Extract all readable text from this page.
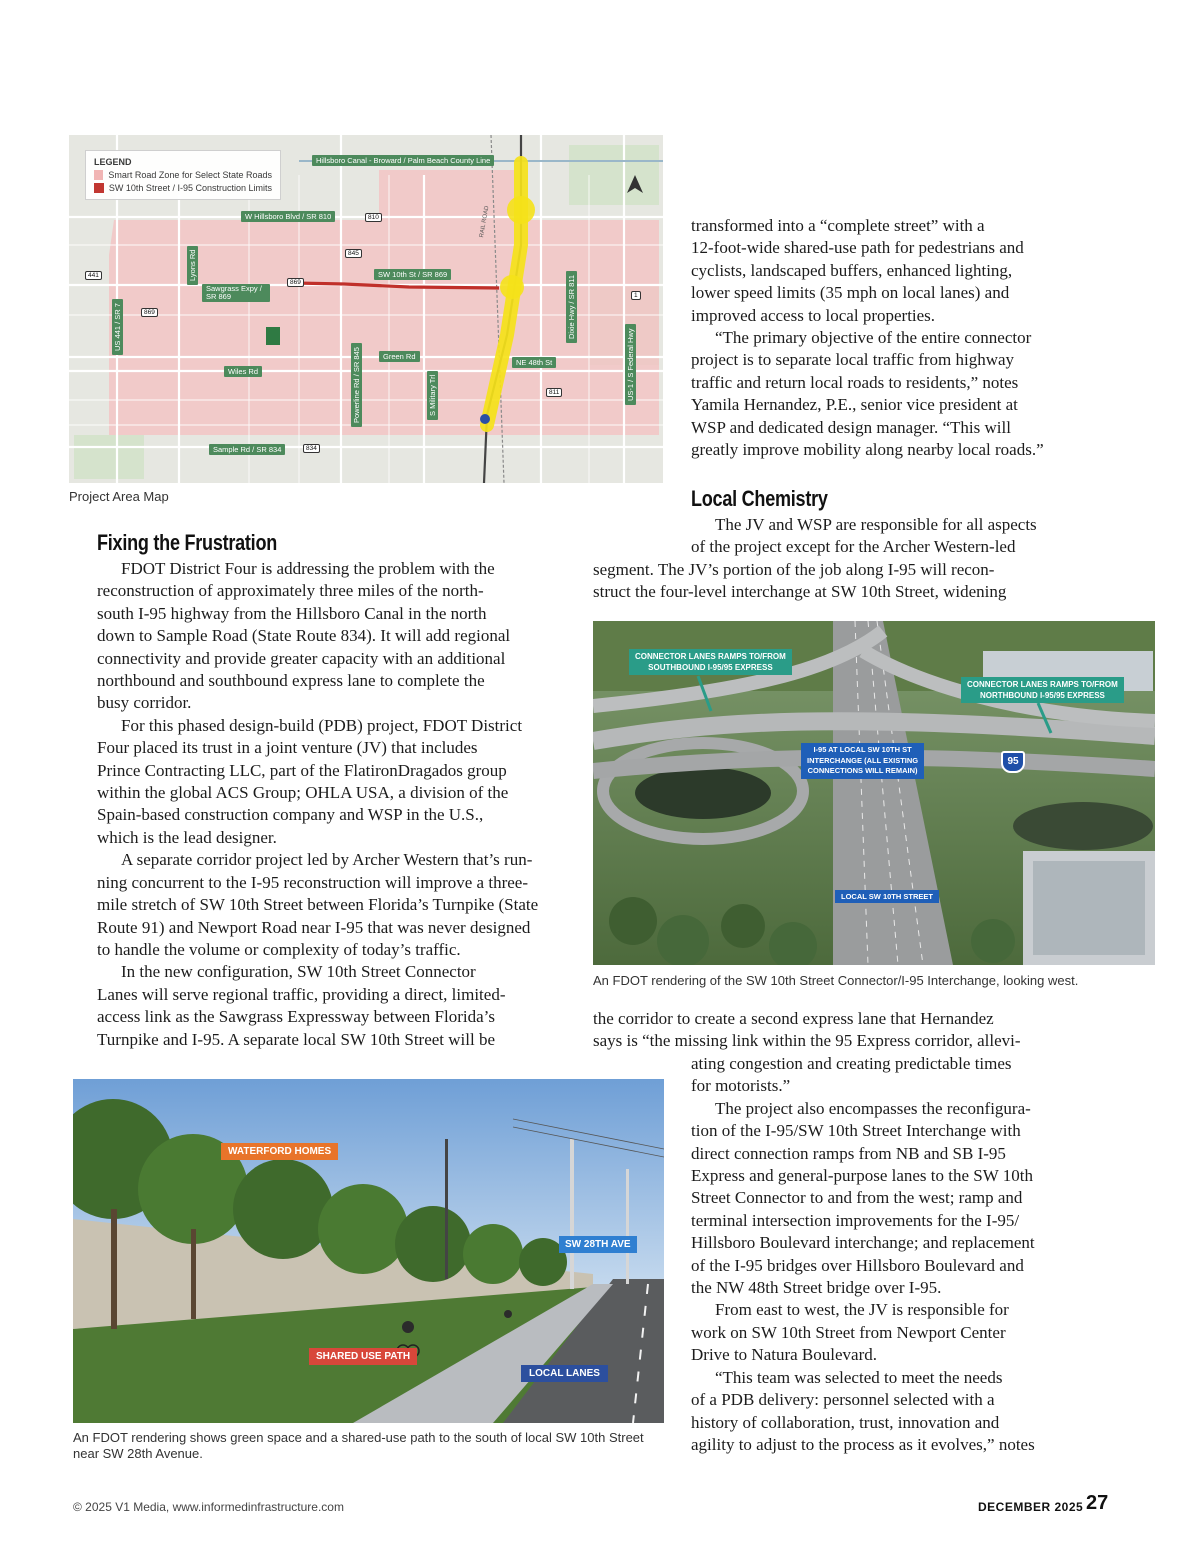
LEGEND
Smart Road Zone for Select State Roads
SW 10th Street / I-95 Construction Limits
Hillsboro Canal - Broward / Palm Beach County Line
W Hillsboro Blvd / SR 810
SW 10th St / SR 869
Sawgrass Expy / SR 869
Green Rd
NE 48th St
Wiles Rd
Sample Rd / SR 834
Lyons Rd
US 441 / SR 7
Powerline Rd / SR 845	S Military Trl
Dixie Hwy / SR 811
US-1 / S Federal Hwy
RAIL ROAD
810
845
869
869
441
1
811
834
Project Area Map

transformed into a “complete street” with a

12-foot-wide shared-use path for pedestrians and

cyclists, landscaped buffers, enhanced lighting,

lower speed limits (35 mph on local lanes) and

improved access to local properties.

“The primary objective of the entire connector

project is to separate local traffic from highway

traffic and return local roads to residents,” notes

Yamila Hernandez, P.E., senior vice president at

WSP and dedicated design manager. “This will

greatly improve mobility along nearby local roads.”

Local Chemistry

The JV and WSP are responsible for all aspects

of the project except for the Archer Western-led

segment. The JV’s portion of the job along I-95 will recon-

struct the four-level interchange at SW 10th Street, widening

CONNECTOR LANES RAMPS TO/FROM
SOUTHBOUND I-95/95 EXPRESS
CONNECTOR LANES RAMPS TO/FROM
NORTHBOUND I-95/95 EXPRESS
I-95 AT LOCAL SW 10TH ST
INTERCHANGE (ALL EXISTING
CONNECTIONS WILL REMAIN)
LOCAL SW 10TH STREET
95
An FDOT rendering of the SW 10th Street Connector/I-95 Interchange, looking west.
Fixing the Frustration

FDOT District Four is addressing the problem with the

reconstruction of approximately three miles of the north-

south I-95 highway from the Hillsboro Canal in the north

down to Sample Road (State Route 834). It will add regional

connectivity and provide greater capacity with an additional

northbound and southbound express lane to complete the

busy corridor.

For this phased design-build (PDB) project, FDOT District

Four placed its trust in a joint venture (JV) that includes

Prince Contracting LLC, part of the FlatironDragados group

within the global ACS Group; OHLA USA, a division of the

Spain-based construction company and WSP in the U.S.,

which is the lead designer.

A separate corridor project led by Archer Western that’s run-

ning concurrent to the I-95 reconstruction will improve a three-

mile stretch of SW 10th Street between Florida’s Turnpike (State

Route 91) and Newport Road near I-95 that was never designed

to handle the volume or complexity of today’s traffic.

In the new configuration, SW 10th Street Connector

Lanes will serve regional traffic, providing a direct, limited-

access link as the Sawgrass Expressway between Florida’s

Turnpike and I-95. A separate local SW 10th Street will be

the corridor to create a second express lane that Hernandez

says is “the missing link within the 95 Express corridor, allevi-

ating congestion and creating predictable times

for motorists.”

The project also encompasses the reconfigura-

tion of the I-95/SW 10th Street Interchange with

direct connection ramps from NB and SB I-95

Express and general-purpose lanes to the SW 10th

Street Connector to and from the west; ramp and

terminal intersection improvements for the I-95/

Hillsboro Boulevard interchange; and replacement

of the I-95 bridges over Hillsboro Boulevard and

the NW 48th Street bridge over I-95.

From east to west, the JV is responsible for

work on SW 10th Street from Newport Center

Drive to Natura Boulevard.

“This team was selected to meet the needs

of a PDB delivery: personnel selected with a

history of collaboration, trust, innovation and

agility to adjust to the process as it evolves,” notes

WATERFORD HOMES
SW 28TH AVE
SHARED USE PATH
LOCAL LANES
An FDOT rendering shows green space and a shared-use path to the south of local SW 10th Street
near SW 28th Avenue.
© 2025 V1 Media, www.informedinfrastructure.com	DECEMBER 2025 27
